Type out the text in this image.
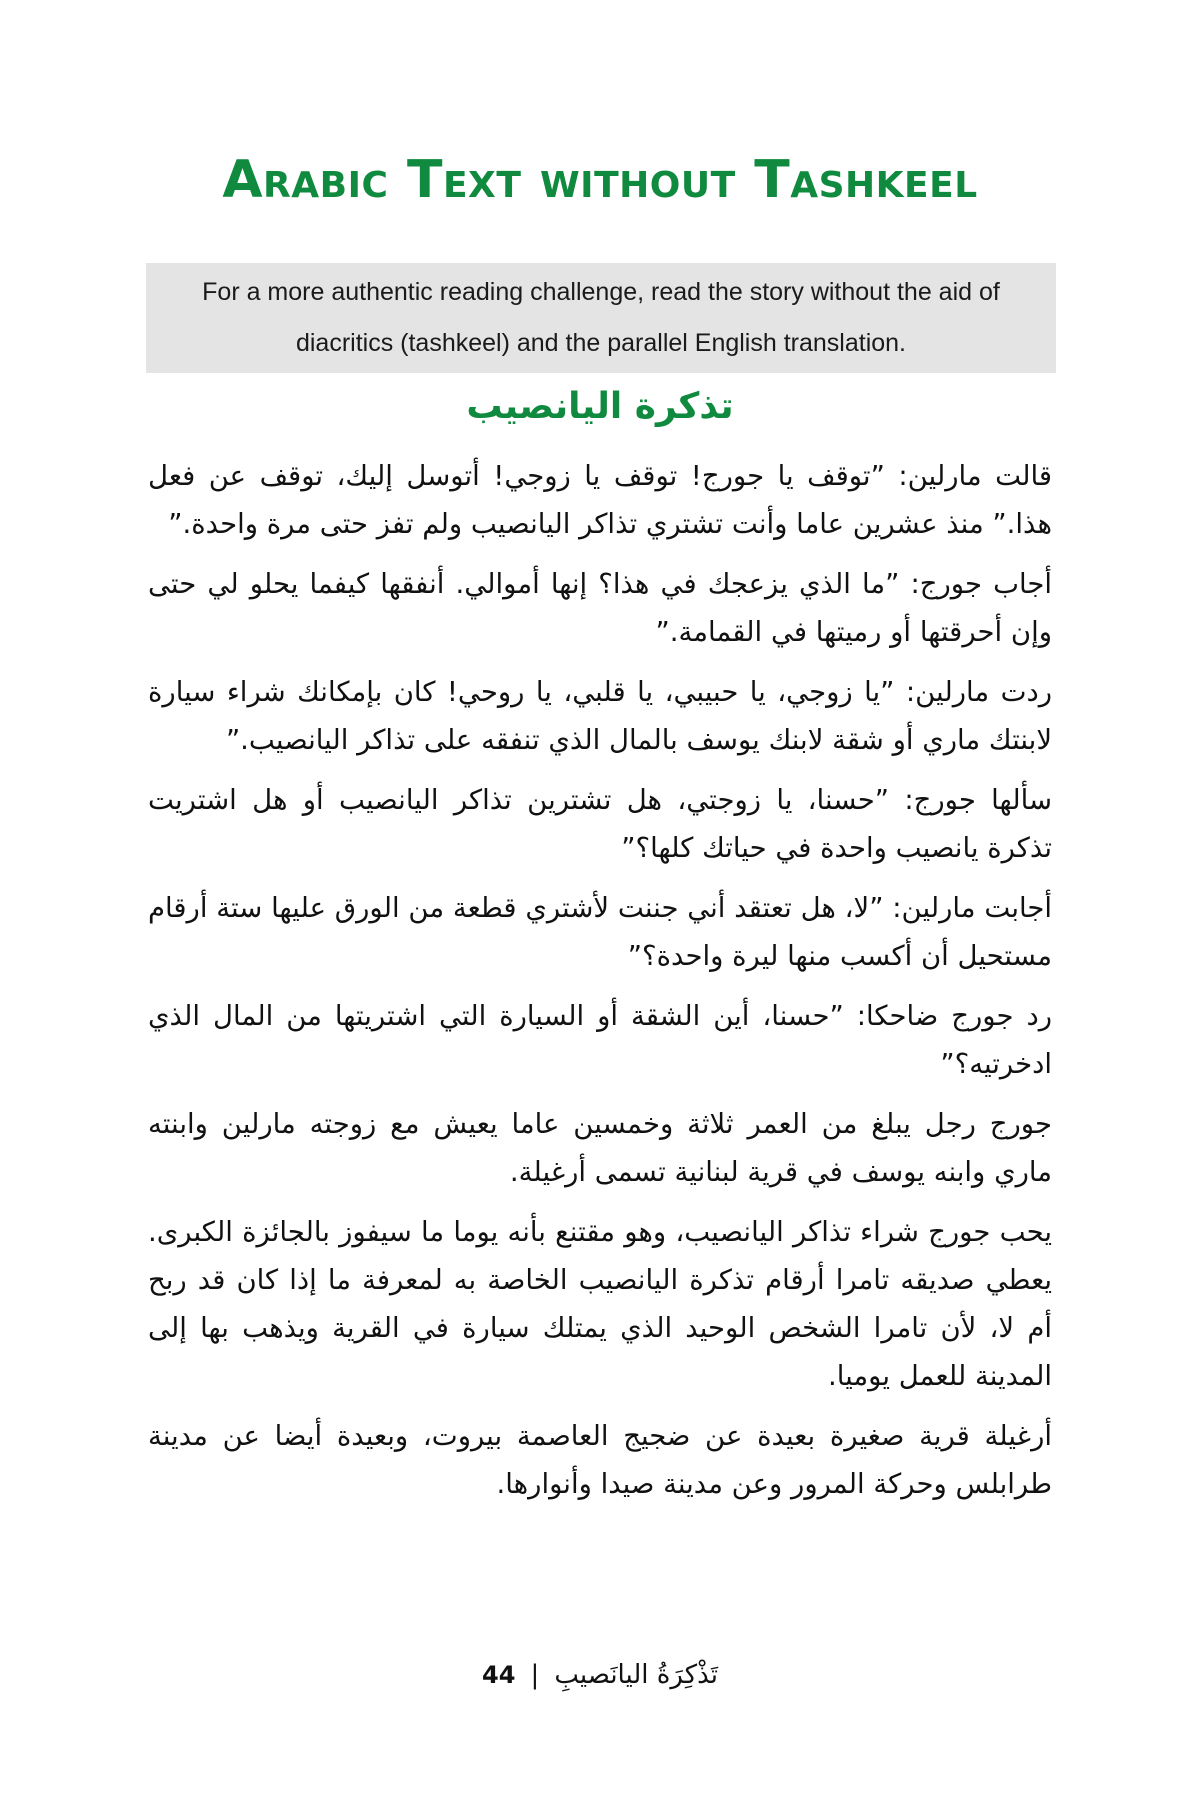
Arabic Text without Tashkeel
For a more authentic reading challenge, read the story without the aid of diacritics (tashkeel) and the parallel English translation.
تذكرة اليانصيب

قالت مارلين: ”توقف يا جورج! توقف يا زوجي! أتوسل إليك، توقف عن فعل هذا.” منذ عشرين عاما وأنت تشتري تذاكر اليانصيب ولم تفز حتى مرة واحدة.”

أجاب جورج: ”ما الذي يزعجك في هذا؟ إنها أموالي. أنفقها كيفما يحلو لي حتى وإن أحرقتها أو رميتها في القمامة.”

ردت مارلين: ”يا زوجي، يا حبيبي، يا قلبي، يا روحي! كان بإمكانك شراء سيارة لابنتك ماري أو شقة لابنك يوسف بالمال الذي تنفقه على تذاكر اليانصيب.”

سألها جورج: ”حسنا، يا زوجتي، هل تشترين تذاكر اليانصيب أو هل اشتريت تذكرة يانصيب واحدة في حياتك كلها؟”

أجابت مارلين: ”لا، هل تعتقد أني جننت لأشتري قطعة من الورق عليها ستة أرقام مستحيل أن أكسب منها ليرة واحدة؟”

رد جورج ضاحكا: ”حسنا، أين الشقة أو السيارة التي اشتريتها من المال الذي ادخرتيه؟”

جورج رجل يبلغ من العمر ثلاثة وخمسين عاما يعيش مع زوجته مارلين وابنته ماري وابنه يوسف في قرية لبنانية تسمى أرغيلة.

يحب جورج شراء تذاكر اليانصيب، وهو مقتنع بأنه يوما ما سيفوز بالجائزة الكبرى. يعطي صديقه تامرا أرقام تذكرة اليانصيب الخاصة به لمعرفة ما إذا كان قد ربح أم لا، لأن تامرا الشخص الوحيد الذي يمتلك سيارة في القرية ويذهب بها إلى المدينة للعمل يوميا.

أرغيلة قرية صغيرة بعيدة عن ضجيج العاصمة بيروت، وبعيدة أيضا عن مدينة طرابلس وحركة المرور وعن مدينة صيدا وأنوارها.

44 | تَذْكِرَةُ اليانَصيبِ
